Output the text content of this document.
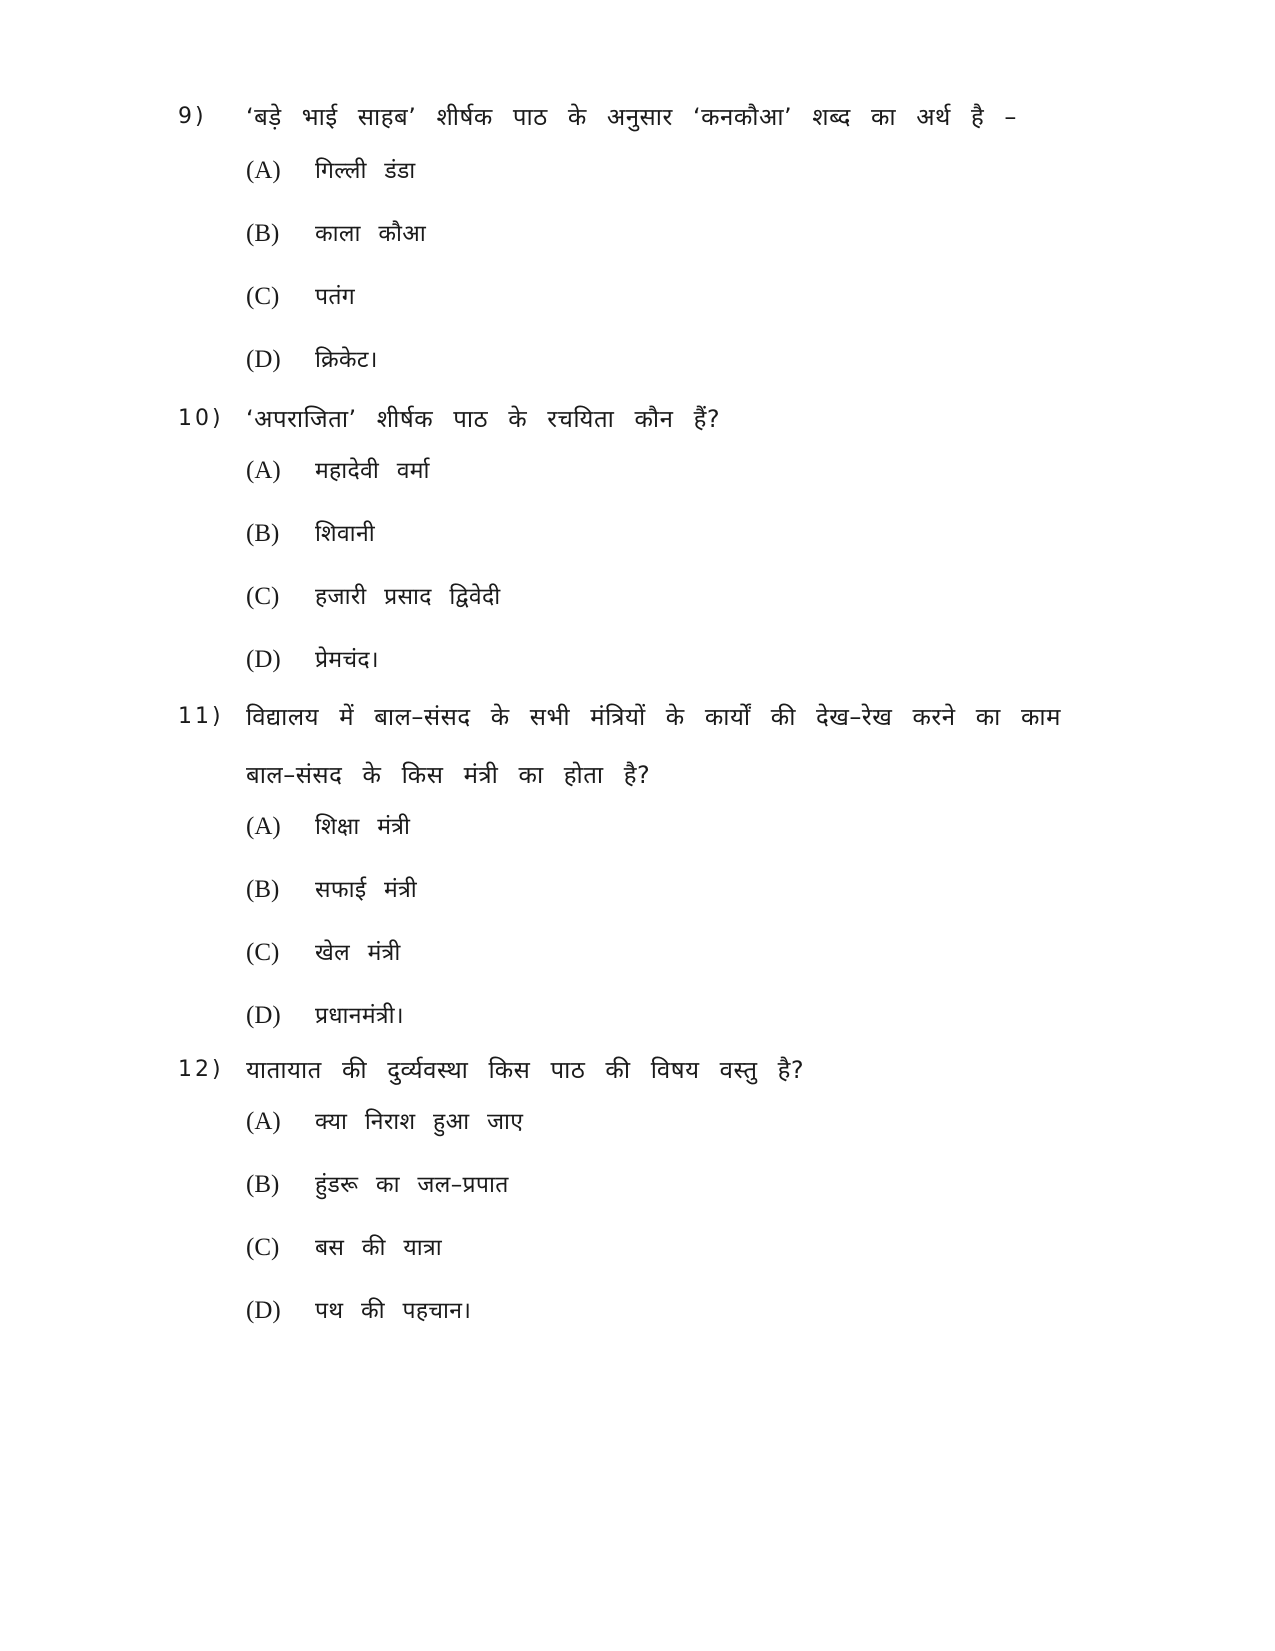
9) ‘बड़े भाई साहब’ शीर्षक पाठ के अनुसार ‘कनकौआ’ शब्द का अर्थ है –
(A) गिल्ली डंडा
(B) काला कौआ
(C) पतंग
(D) क्रिकेट।
10) ‘अपराजिता’ शीर्षक पाठ के रचयिता कौन हैं?
(A) महादेवी वर्मा
(B) शिवानी
(C) हजारी प्रसाद द्विवेदी
(D) प्रेमचंद।
11) विद्यालय में बाल–संसद के सभी मंत्रियों के कार्यों की देख–रेख करने का काम बाल–संसद के किस मंत्री का होता है?
(A) शिक्षा मंत्री
(B) सफाई मंत्री
(C) खेल मंत्री
(D) प्रधानमंत्री।
12) यातायात की दुर्व्यवस्था किस पाठ की विषय वस्तु है?
(A) क्या निराश हुआ जाए
(B) हुंडरू का जल–प्रपात
(C) बस की यात्रा
(D) पथ की पहचान।
